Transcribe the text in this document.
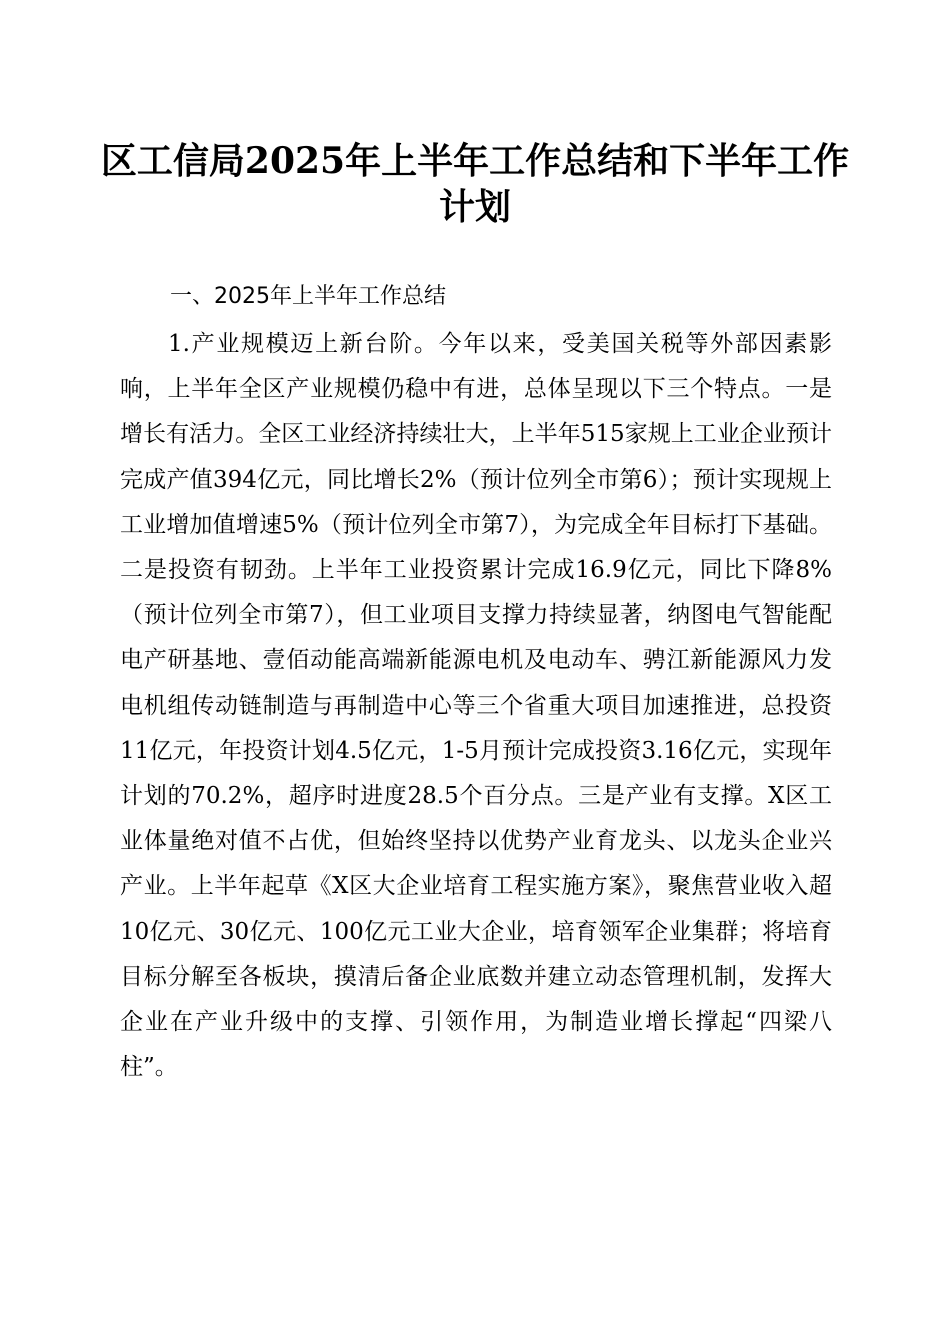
区工信局2025年上半年工作总结和下半年工作计划
一、2025年上半年工作总结

1.产业规模迈上新台阶。今年以来，受美国关税等外部因素影响，上半年全区产业规模仍稳中有进，总体呈现以下三个特点。一是增长有活力。全区工业经济持续壮大，上半年515家规上工业企业预计完成产值394亿元，同比增长2%（预计位列全市第6）；预计实现规上工业增加值增速5%（预计位列全市第7），为完成全年目标打下基础。二是投资有韧劲。上半年工业投资累计完成16.9亿元，同比下降8%（预计位列全市第7），但工业项目支撑力持续显著，纳图电气智能配电产研基地、壹佰动能高端新能源电机及电动车、骋江新能源风力发电机组传动链制造与再制造中心等三个省重大项目加速推进，总投资11亿元，年投资计划4.5亿元，1-5月预计完成投资3.16亿元，实现年计划的70.2%，超序时进度28.5个百分点。三是产业有支撑。X区工业体量绝对值不占优，但始终坚持以优势产业育龙头、以龙头企业兴产业。上半年起草《X区大企业培育工程实施方案》，聚焦营业收入超10亿元、30亿元、100亿元工业大企业，培育领军企业集群；将培育目标分解至各板块，摸清后备企业底数并建立动态管理机制，发挥大企业在产业升级中的支撑、引领作用，为制造业增长撑起“四梁八柱”。
